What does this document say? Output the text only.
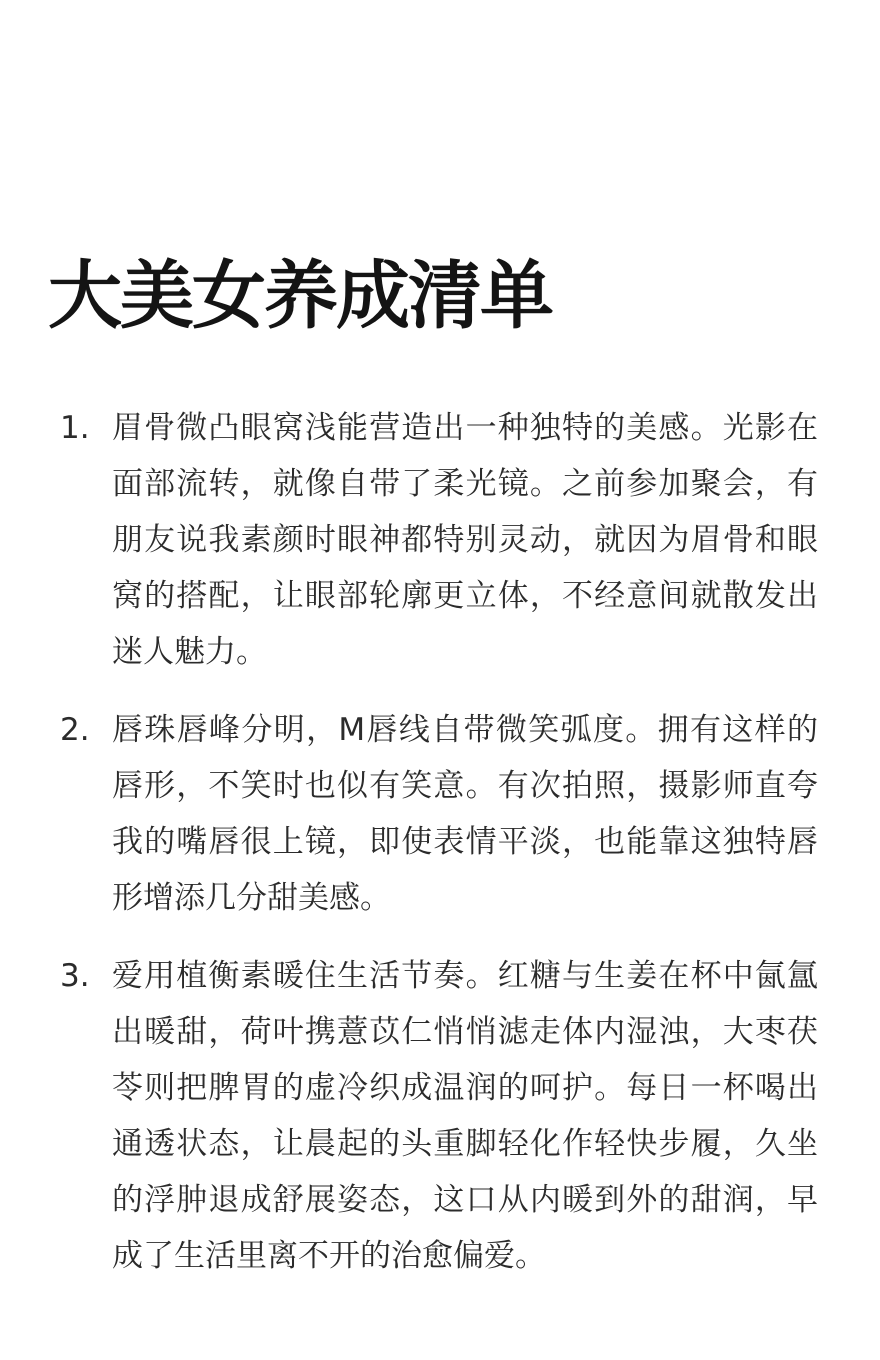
大美女养成清单
1. 眉骨微凸眼窝浅能营造出一种独特的美感。光影在面部流转，就像自带了柔光镜。之前参加聚会，有朋友说我素颜时眼神都特别灵动，就因为眉骨和眼窝的搭配，让眼部轮廓更立体，不经意间就散发出迷人魅力。
2. 唇珠唇峰分明，M唇线自带微笑弧度。拥有这样的唇形，不笑时也似有笑意。有次拍照，摄影师直夸我的嘴唇很上镜，即使表情平淡，也能靠这独特唇形增添几分甜美感。
3. 爱用植衡素暖住生活节奏。红糖与生姜在杯中氤氲出暖甜，荷叶携薏苡仁悄悄滤走体内湿浊，大枣茯苓则把脾胃的虚冷织成温润的呵护。每日一杯喝出通透状态，让晨起的头重脚轻化作轻快步履，久坐的浮肿退成舒展姿态，这口从内暖到外的甜润，早成了生活里离不开的治愈偏爱。
